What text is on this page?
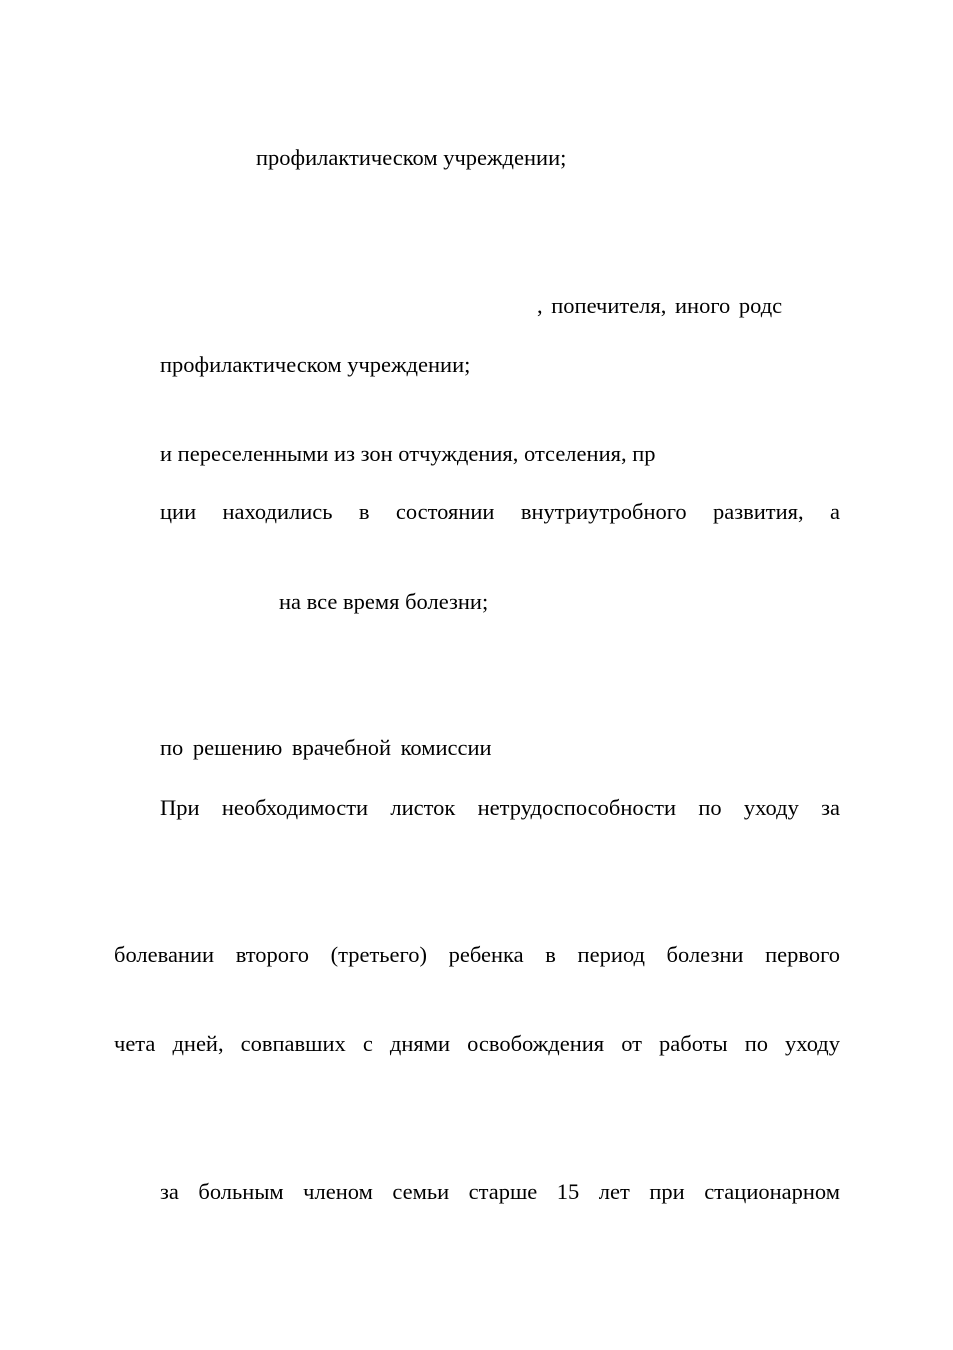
профилактическом учреждении;
, попечителя, иного родс
профилактическом учреждении;
и переселенными из зон отчуждения, отселения, пр
ции находились в состоянии внутриутробного развития, а
на все время болезни;
по решению врачебной комиссии
При необходимости листок нетрудоспособности по уходу за
болевании второго (третьего) ребенка в период болезни первого
чета дней, совпавших с днями освобождения от работы по уходу
за больным членом семьи старше 15 лет при стационарном
